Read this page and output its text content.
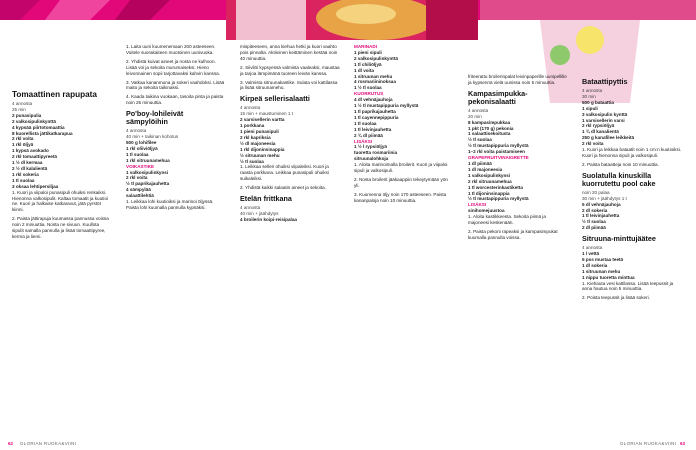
Tomaattinen rapupata
4 annosta
25 min
2 punasipulia
2 valkosipulinkynttä
4 kypsää piirtotomaattia
8 kuorellista jättikatkarapua
2 rkl voita
1 rkl öljyä
1 kypsä avokado
2 rkl tomaattipyreetä
1 ½ dl kermaa
2 ½ dl kalalientä
1 rkl sokeria
1 tl suolaa
3 oksaa lehtipersiljaa

1. Kuori ja viipaloi punasipuli ohuiksi renkaiksi. Hienonna valkosipulit. Kaltaa tomaatit ja kuutioi ne. Kuori ja halkaise katkaravut, jätä pyrstöt kiinni.

2. Paista jättirapuja kuumassa pannussa voissa noin 2 minuuttia. Nosta ne sivuun. Kuullota sipulit samalla pannulla ja lisää tomaattipyree, kerma ja liemi.

1. Laita uuni kuumenemaan 200 asteeseen. Voitele suorakaiteen muotoinen uunivuoka.

2. Yhdistä kuivat aineet ja nosta ne kulhoon. Lisää voi ja sekoita murumaiseksi. Hieno leivonnainen sopii tarjottavaksi kahvin kanssa.

3. Vatkaa kananmuna ja sokeri vaahdoksi. Lisää maito ja sekoita taikinaksi.

4. Kaada taikina vuokaan, tasoita pinta ja paista noin 25 minuuttia.

Po'boy-lohileivät sämpylöihin
4 annosta
40 min + taikinan kohotus
500 g lohifilee
1 rkl oliiviöljyä
1 tl suolaa
1 rkl sitruunamehua
VOIKASTIKE
1 valkosipulinkynsi
2 rkl voita
½ tl paprikajauhetta
4 sämpylää
salaattilehtiä

1. Leikkaa lohi kuutioiksi ja marinoi öljyssä. Paista lohi kuumalla pannulla kypsäksi.

mispiteeseen, anna kiehua hetki ja kuori vaahto pois pinnalta. Aktiivinen keittäminen kestää noin 40 minuuttia.

2. Siivilöi kypsyessä valmista vaaleaksi, maustaa ja tarjoa lämpimänä tuoreen leivän kanssa.

3. Valmista sitruunakastike. Sulata voi kattilassa ja lisää sitruunamehu.

Kirpeä sellerisalaatti
4 annosta
15 min + maustuminen 1 t
2 varsisellerin vartta
1 porkkana
1 pieni punasipuli
2 rkl kapriksia
½ dl majoneesia
1 rkl dijoninsinappia
½ sitruunan mehu
½ tl suolaa

1. Leikkaa selleri ohuiksi viipaleiksi. Kuori ja raasta porkkana. Leikkaa punasipuli ohuiksi suikaleiksi.

2. Yhdistä kaikki salaatin aineet ja sekoita.

Etelän frittkana
4 annosta
40 min + jäähdytys
4 broilerin koipi-reisipalaa
MARINADI
1 pieni sipuli
2 valkosipulinkynttä
1 tl chiliöljyä
1 dl voita
1 sitruunan mehu
4 rosmariininoksaa
1 ½ tl suolaa
KUORRUTUS
4 dl vehnäjauhoja
1 ½ tl mustapippuria myllystä
1 tl paprikajauhetta
1 tl cayennepippuria
1 tl suolaa
1 tl leivinjauhetta
2 ¾ dl piimää
LISÄKSI
1 ½ l rypsiöljyä
tuoretta rosmariinia
sitruunalohkoja

1. Aloita marinoimalla broilerit. Kuori ja viipaloi sipuli ja valkosipuli.

2. Nosta broilerit jääkaappiin tekeytymään yön yli.

3. Kuumenna öljy noin 170 asteeseen. Paista kananpaloja noin 10 minuuttia.

friteerattu broilerinpalat leivinpaperille uunipellille ja kypsennä vielä uunissa noin 5 minuuttia.

Kampasimpukka-pekonisalaatti
4 annosta
20 min
8 kampasimpukkaa
1 pkt (170 g) pekonia
1 salaattisekoitusta
½ tl suolaa
½ tl mustapippuria myllystä
1–2 rkl voita paistamiseen
GRAPEFRUITVINAIGRETTE
1 dl piimää
1 dl majoneesia
1 valkosipulinkynsi
2 rkl sitruunamehua
1 tl worcesterinkastiketta
1 tl dijoninsinappia
½ tl mustapippuria myllystä
LISÄKSI
sinihomejuustoa

1. Aloita kastikkeesta. Sekoita piimä ja majoneesi keskenään.

2. Paista pekoni rapeaksi ja kampasimpukat kuumalla pannulla voissa.

Bataattipyttis
4 annosta
30 min
500 g bataattia
1 sipuli
3 valkosipulin kynttä
1 varsisellerin varsi
2 rkl rypsiöljyä
1 ¾ dl kanalientä
250 g kanafilee leikkeitä
2 rkl voita

1. Kuori ja leikkaa bataatit noin 1 cm:n kuutioiksi. Kuori ja hienonna sipuli ja valkosipuli.

2. Paista bataatteja noin 10 minuuttia.

Suolatulla kinuskilla kuorrutettu pool cake
noin 20 palaa
30 min + jäähdytys 1 t
5 dl vehnäjauhoja
2 dl sokeria
1 tl leivinjauhetta
½ tl suolaa
2 dl piimää
Sitruuna-minttujäätee
4 annosta
1 l vettä
5 pss mustaa teetä
1 dl sokeria
1 sitruunan mehu
1 nippu tuoretta minttua

1. Kiehauta vesi kattilassa. Lisää teepussit ja anna hautua noin 5 minuuttia.

2. Poista teepussit ja lisää sokeri.

62 GLORIAN RUOKA&VIINI	GLORIAN RUOKA&VIINI 63
